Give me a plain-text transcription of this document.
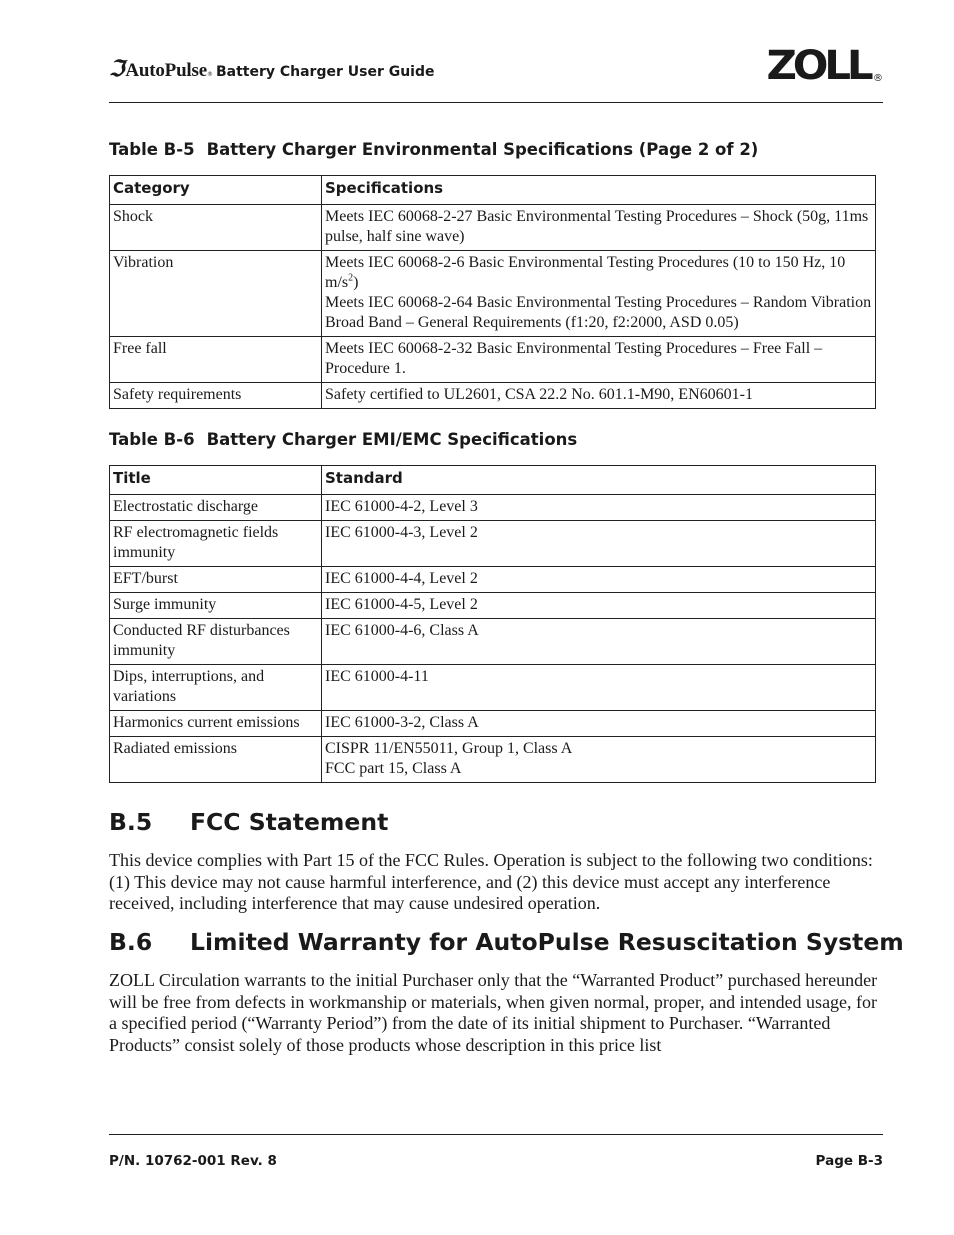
ℑ AutoPulse ® Battery Charger User Guide	ZOLL ®
Table B-5 Battery Charger Environmental Specifications (Page 2 of 2)
Category	Specifications
Shock	Meets IEC 60068-2-27 Basic Environmental Testing Procedures – Shock (50g, 11ms pulse, half sine wave)
Vibration	Meets IEC 60068-2-6 Basic Environmental Testing Procedures (10 to 150 Hz, 10 $m/s^2$)
Meets IEC 60068-2-64 Basic Environmental Testing Procedures – Random Vibration Broad Band – General Requirements (f1:20, f2:2000, ASD 0.05)

Free fall	Meets IEC 60068-2-32 Basic Environmental Testing Procedures – Free Fall – Procedure 1.
Safety requirements	Safety certified to UL2601, CSA 22.2 No. 601.1-M90, EN60601-1
Table B-6 Battery Charger EMI/EMC Specifications
Title	Standard
Electrostatic discharge	IEC 61000-4-2, Level 3
RF electromagnetic fields immunity	IEC 61000-4-3, Level 2
EFT/burst	IEC 61000-4-4, Level 2
Surge immunity	IEC 61000-4-5, Level 2
Conducted RF disturbances immunity	IEC 61000-4-6, Class A
Dips, interruptions, and variations	IEC 61000-4-11
Harmonics current emissions	IEC 61000-3-2, Class A
Radiated emissions	CISPR 11/EN55011, Group 1, Class A
FCC part 15, Class A
B.5 FCC Statement
This device complies with Part 15 of the FCC Rules. Operation is subject to the following two conditions: (1) This device may not cause harmful interference, and (2) this device must accept any interference received, including interference that may cause undesired operation.
B.6 Limited Warranty for AutoPulse Resuscitation System
ZOLL Circulation warrants to the initial Purchaser only that the “Warranted Product” purchased hereunder will be free from defects in workmanship or materials, when given normal, proper, and intended usage, for a specified period (“Warranty Period”) from the date of its initial shipment to Purchaser. “Warranted Products” consist solely of those products whose description in this price list
P/N. 10762-001 Rev. 8	Page B-3
